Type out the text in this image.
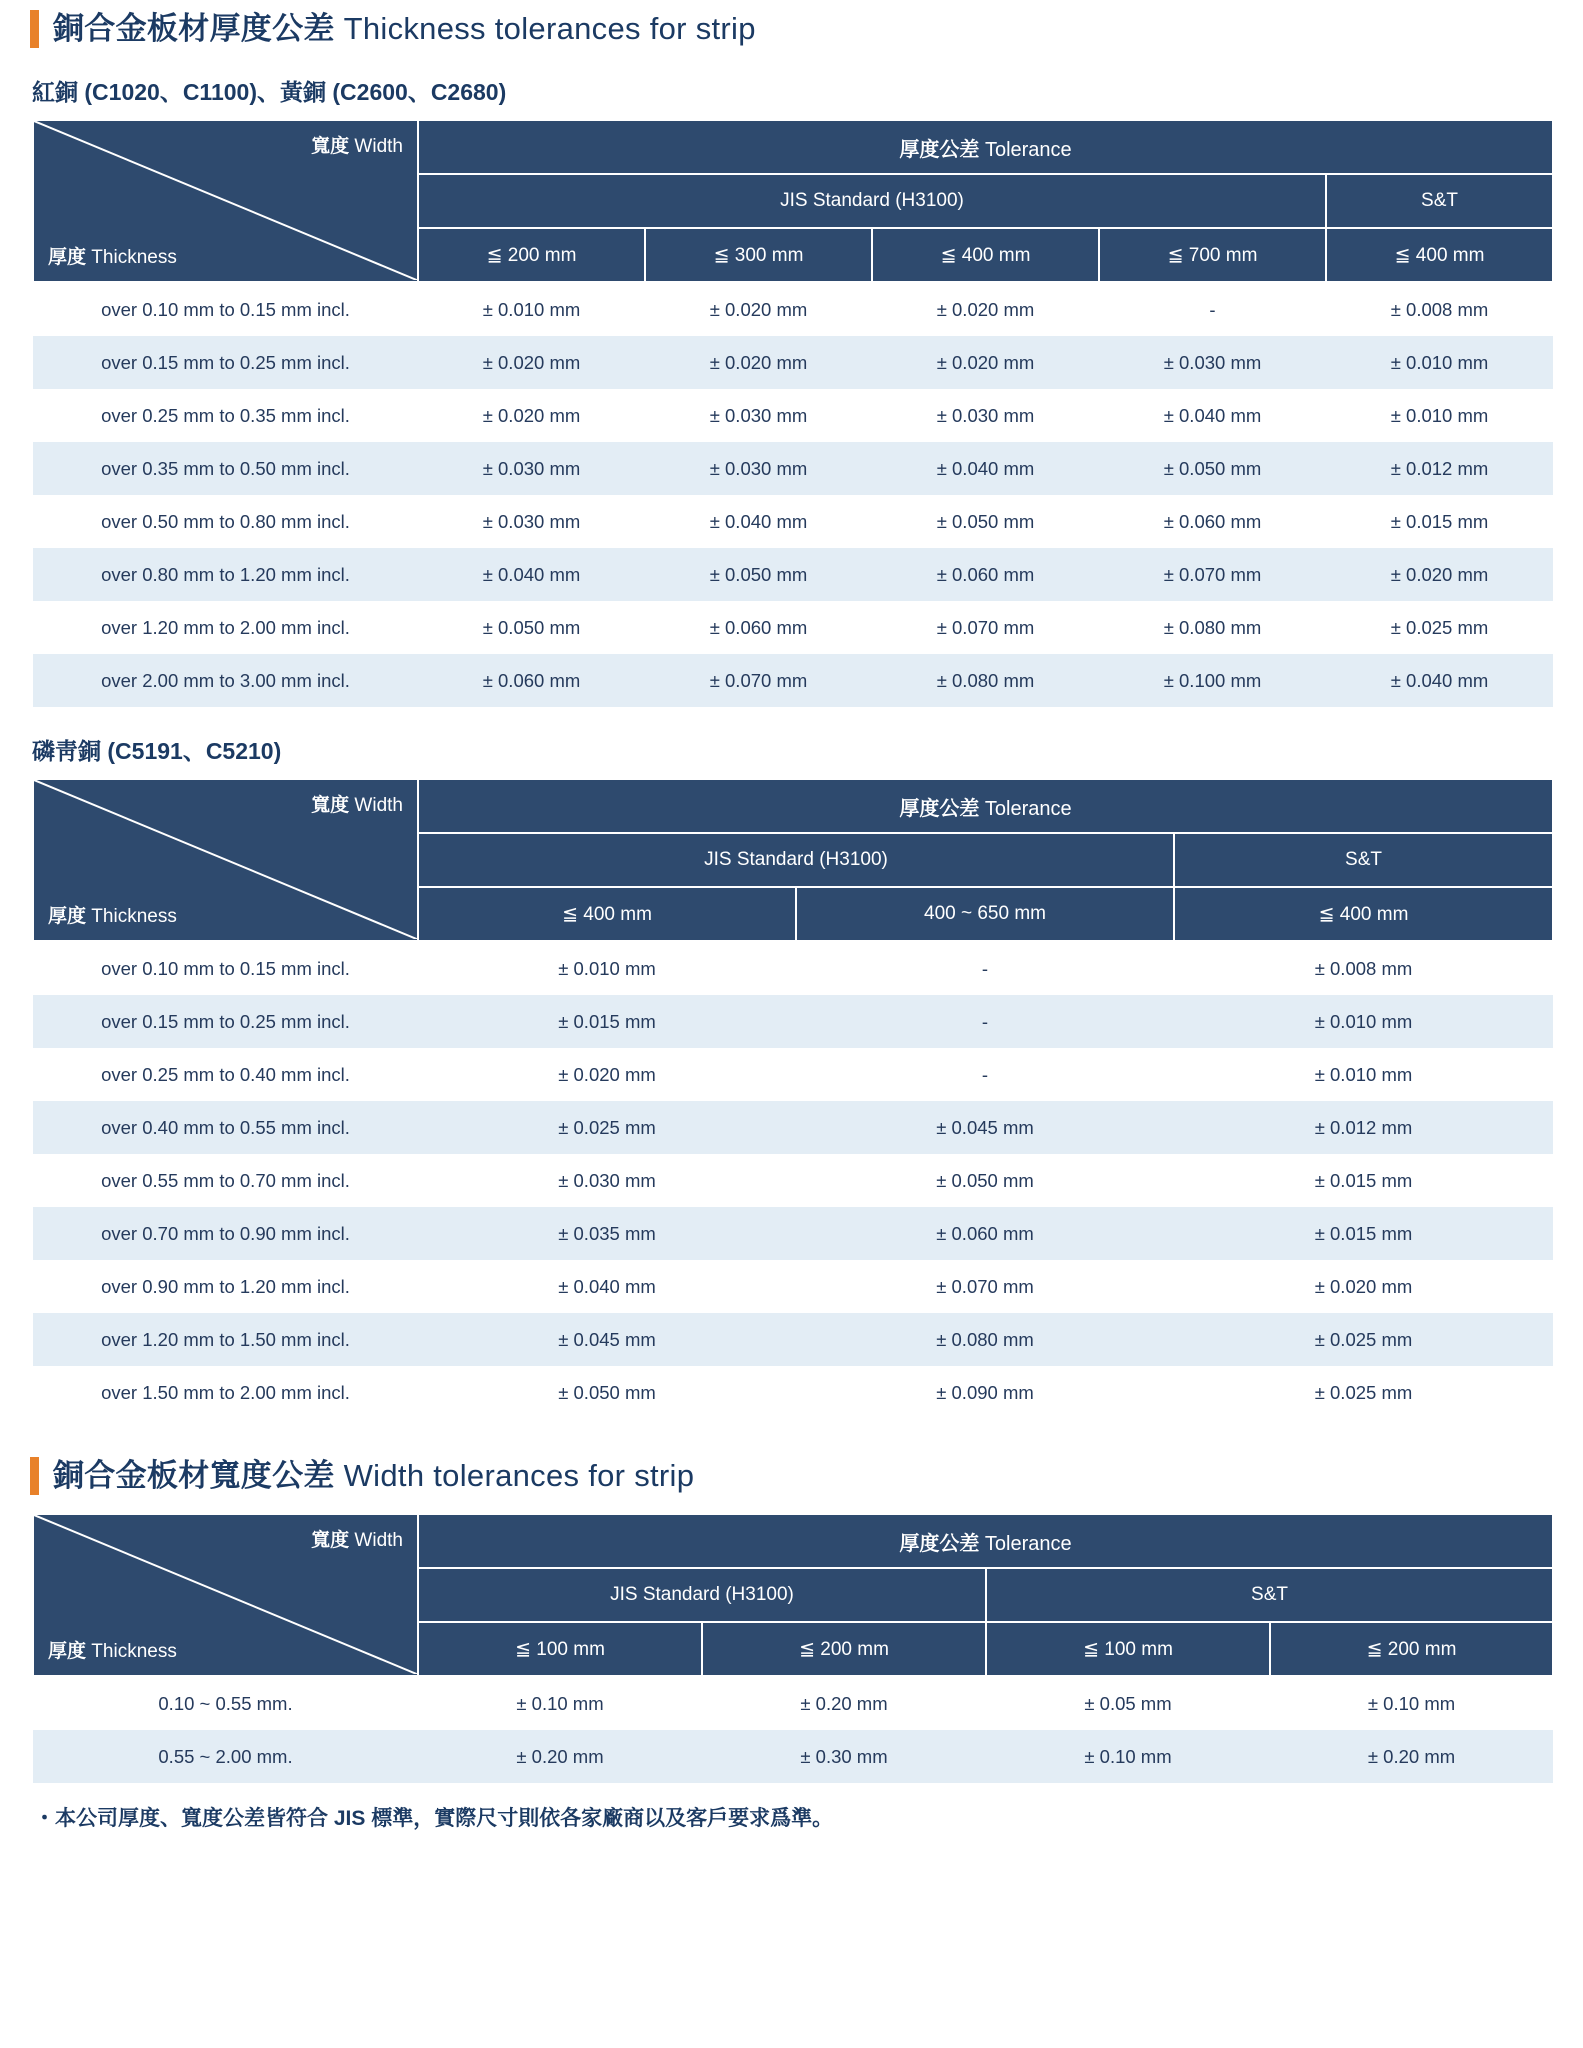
銅合金板材厚度公差 Thickness tolerances for strip
紅銅 (C1020、C1100)、黃銅 (C2600、C2680)
寬度 Width
厚度 Thickness	厚度公差 Tolerance				
	JIS Standard (H3100)				S&T
	≦ 200 mm	≦ 300 mm	≦ 400 mm	≦ 700 mm	≦ 400 mm
over 0.10 mm to 0.15 mm incl.	± 0.010 mm	± 0.020 mm	± 0.020 mm	-	± 0.008 mm
over 0.15 mm to 0.25 mm incl.	± 0.020 mm	± 0.020 mm	± 0.020 mm	± 0.030 mm	± 0.010 mm
over 0.25 mm to 0.35 mm incl.	± 0.020 mm	± 0.030 mm	± 0.030 mm	± 0.040 mm	± 0.010 mm
over 0.35 mm to 0.50 mm incl.	± 0.030 mm	± 0.030 mm	± 0.040 mm	± 0.050 mm	± 0.012 mm
over 0.50 mm to 0.80 mm incl.	± 0.030 mm	± 0.040 mm	± 0.050 mm	± 0.060 mm	± 0.015 mm
over 0.80 mm to 1.20 mm incl.	± 0.040 mm	± 0.050 mm	± 0.060 mm	± 0.070 mm	± 0.020 mm
over 1.20 mm to 2.00 mm incl.	± 0.050 mm	± 0.060 mm	± 0.070 mm	± 0.080 mm	± 0.025 mm
over 2.00 mm to 3.00 mm incl.	± 0.060 mm	± 0.070 mm	± 0.080 mm	± 0.100 mm	± 0.040 mm
磷靑銅 (C5191、C5210)
寬度 Width
厚度 Thickness	厚度公差 Tolerance		
	JIS Standard (H3100)		S&T
	≦ 400 mm	400 ~ 650 mm	≦ 400 mm
over 0.10 mm to 0.15 mm incl.	± 0.010 mm	-	± 0.008 mm
over 0.15 mm to 0.25 mm incl.	± 0.015 mm	-	± 0.010 mm
over 0.25 mm to 0.40 mm incl.	± 0.020 mm	-	± 0.010 mm
over 0.40 mm to 0.55 mm incl.	± 0.025 mm	± 0.045 mm	± 0.012 mm
over 0.55 mm to 0.70 mm incl.	± 0.030 mm	± 0.050 mm	± 0.015 mm
over 0.70 mm to 0.90 mm incl.	± 0.035 mm	± 0.060 mm	± 0.015 mm
over 0.90 mm to 1.20 mm incl.	± 0.040 mm	± 0.070 mm	± 0.020 mm
over 1.20 mm to 1.50 mm incl.	± 0.045 mm	± 0.080 mm	± 0.025 mm
over 1.50 mm to 2.00 mm incl.	± 0.050 mm	± 0.090 mm	± 0.025 mm
銅合金板材寬度公差 Width tolerances for strip
寬度 Width
厚度 Thickness	厚度公差 Tolerance			
	JIS Standard (H3100)		S&T	
	≦ 100 mm	≦ 200 mm	≦ 100 mm	≦ 200 mm
0.10 ~ 0.55 mm.	± 0.10 mm	± 0.20 mm	± 0.05 mm	± 0.10 mm
0.55 ~ 2.00 mm.	± 0.20 mm	± 0.30 mm	± 0.10 mm	± 0.20 mm
・本公司厚度、寬度公差皆符合 JIS 標準，實際尺寸則依各家廠商以及客戶要求爲準。
